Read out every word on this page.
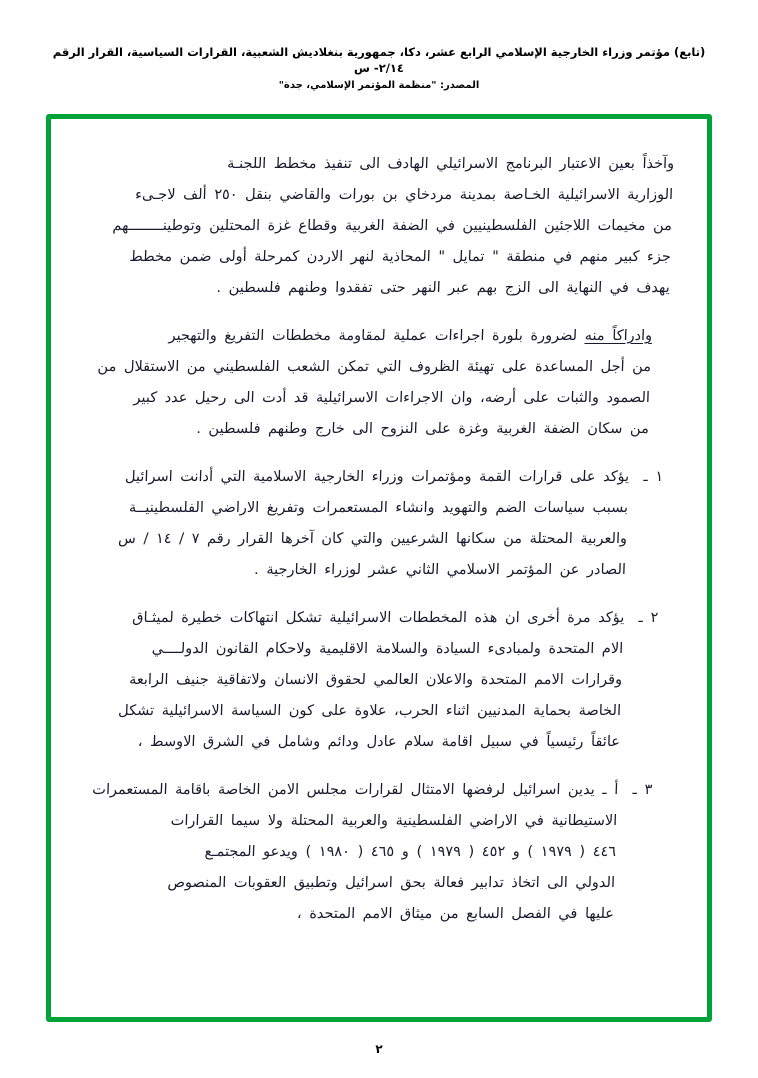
(تابع) مؤتمر وزراء الخارجية الإسلامي الرابع عشر، دكا، جمهورية بنغلاديش الشعبية، القرارات السياسية، القرار الرقم ٢/١٤- س
المصدر: "منظمة المؤتمر الإسلامي، جدة"
وآخذاً بعين الاعتبار البرنامج الاسرائيلي الهادف الى تنفيذ مخطط اللجنـة
الوزارية الاسرائيلية الخـاصة بمدينة مردخاي بن بورات والقاضي بنقل ٢٥٠ ألف لاجـىء
من مخيمات اللاجئين الفلسطينيين في الضفة الغربية وقطاع غزة المحتلين وتوطينــــــــهم
جزء كبير منهم في منطقة " تمايل " المحاذية لنهر الاردن كمرحلة أولى ضمن مخطط
يهدف في النهاية الى الزج بهم عبر النهر حتى تفقدوا وطنهم فلسطين .
وادراكاً منه لضرورة بلورة اجراءات عملية لمقاومة مخططات التفريغ والتهجير
من أجل المساعدة على تهيئة الظروف التي تمكن الشعب الفلسطيني من الاستقلال من
الصمود والثبات على أرضه، وان الاجراءات الاسرائيلية قد أدت الى رحيل عدد كبير
من سكان الضفة الغربية وغزة على النزوح الى خارج وطنهم فلسطين .
١ ـ
يؤكد على قرارات القمة ومؤتمرات وزراء الخارجية الاسلامية التي أدانت اسرائيل
بسبب سياسات الضم والتهويد وانشاء المستعمرات وتفريغ الاراضي الفلسطينيــة
والعربية المحتلة من سكانها الشرعيين والتي كان آخرها القرار رقم ٧ / ١٤ / س
الصادر عن المؤتمر الاسلامي الثاني عشر لوزراء الخارجية .
٢ ـ
يؤكد مرة أخرى ان هذه المخططات الاسرائيلية تشكل انتهاكات خطيرة لميثـاق
الام المتحدة ولمبادىء السيادة والسلامة الاقليمية ولاحكام القانون الدولــــي
وقرارات الامم المتحدة والاعلان العالمي لحقوق الانسان ولاتفاقية جنيف الرابعة
الخاصة بحماية المدنيين اثناء الحرب، علاوة على كون السياسة الاسرائيلية تشكل
عائقاً رئيسياً في سبيل اقامة سلام عادل ودائم وشامل في الشرق الاوسط ،
٣ ـ
أ ـ يدين اسرائيل لرفضها الامتثال لقرارات مجلس الامن الخاصة باقامة المستعمرات
الاستيطانية في الاراضي الفلسطينية والعربية المحتلة ولا سيما القرارات
٤٤٦ ( ١٩٧٩ ) و ٤٥٢ ( ١٩٧٩ ) و ٤٦٥ ( ١٩٨٠ ) ويدعو المجتمـع
الدولي الى اتخاذ تدابير فعالة بحق اسرائيل وتطبيق العقوبات المنصوص
عليها في الفصل السابع من ميثاق الامم المتحدة ،
٢
